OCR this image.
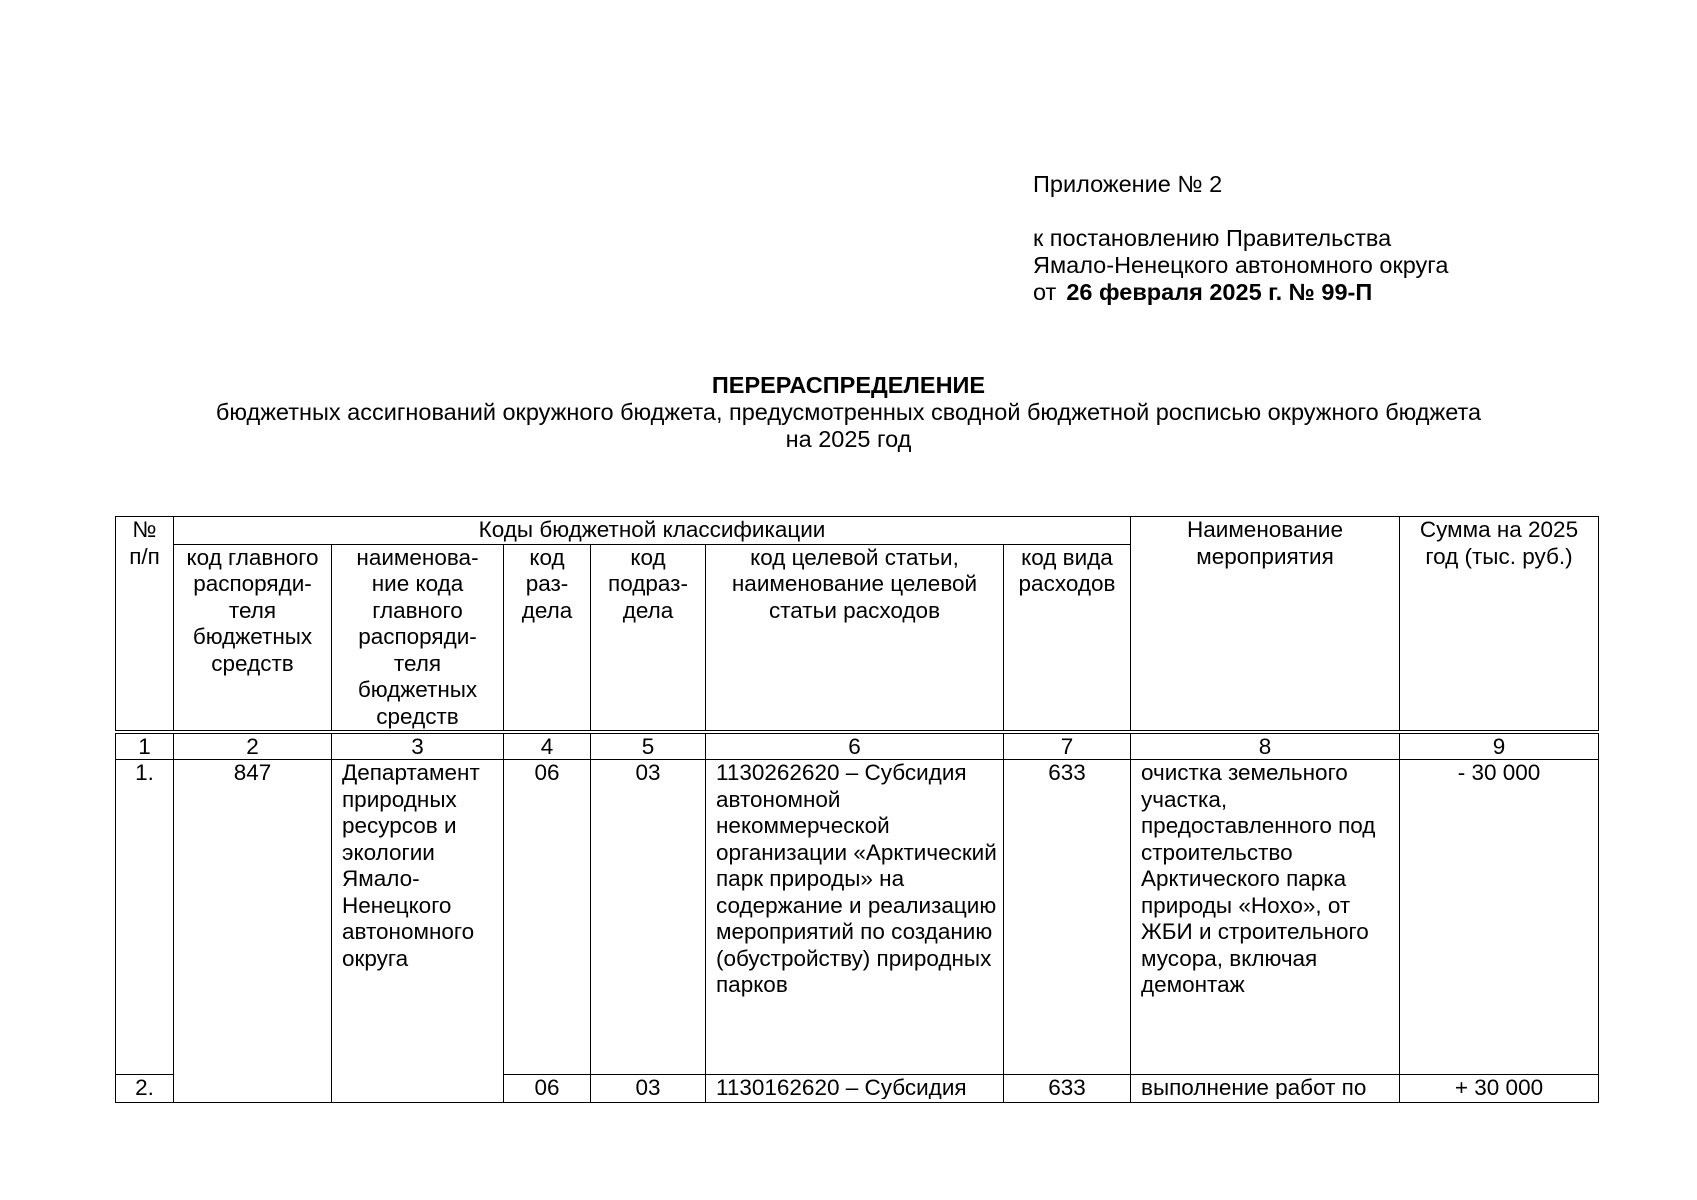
Приложение № 2
к постановлению Правительства
Ямало-Ненецкого автономного округа
от 26 февраля 2025 г. № 99-П
ПЕРЕРАСПРЕДЕЛЕНИЕ
бюджетных ассигнований окружного бюджета, предусмотренных сводной бюджетной росписью окружного бюджета
на 2025 год
№ п/п	Коды бюджетной классификации						Наименование мероприятия	Сумма на 2025 год (тыс. руб.)
	код главного распоряди-теля бюджетных средств	наименова-ние кода главного распоряди-теля бюджетных средств	код раз-дела	код подраз-дела	код целевой статьи, наименование целевой статьи расходов	код вида расходов		
1	2	3	4	5	6	7	8	9
1.	847	Департамент природных ресурсов и экологии Ямало-Ненецкого автономного округа	06	03	1130262620 – Субсидия автономной некоммерческой организации «Арктический парк природы» на содержание и реализацию мероприятий по созданию (обустройству) природных парков	633	очистка земельного участка, предоставленного под строительство Арктического парка природы «Нохо», от ЖБИ и строительного мусора, включая демонтаж	- 30 000
2.			06	03	1130162620 – Субсидия	633	выполнение работ по	+ 30 000
